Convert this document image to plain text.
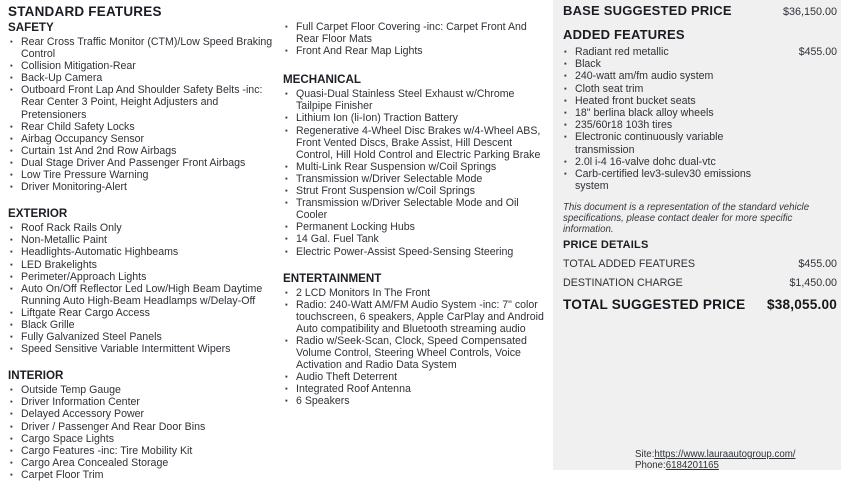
STANDARD FEATURES
SAFETY
▪ Rear Cross Traffic Monitor (CTM)/Low Speed Braking Control
▪ Collision Mitigation-Rear
▪ Back-Up Camera
▪ Outboard Front Lap And Shoulder Safety Belts -inc: Rear Center 3 Point, Height Adjusters and Pretensioners
▪ Rear Child Safety Locks
▪ Airbag Occupancy Sensor
▪ Curtain 1st And 2nd Row Airbags
▪ Dual Stage Driver And Passenger Front Airbags
▪ Low Tire Pressure Warning
▪ Driver Monitoring-Alert
EXTERIOR
▪ Roof Rack Rails Only
▪ Non-Metallic Paint
▪ Headlights-Automatic Highbeams
▪ LED Brakelights
▪ Perimeter/Approach Lights
▪ Auto On/Off Reflector Led Low/High Beam Daytime Running Auto High-Beam Headlamps w/Delay-Off
▪ Liftgate Rear Cargo Access
▪ Black Grille
▪ Fully Galvanized Steel Panels
▪ Speed Sensitive Variable Intermittent Wipers
INTERIOR
▪ Outside Temp Gauge
▪ Driver Information Center
▪ Delayed Accessory Power
▪ Driver / Passenger And Rear Door Bins
▪ Cargo Space Lights
▪ Cargo Features -inc: Tire Mobility Kit
▪ Cargo Area Concealed Storage
▪ Carpet Floor Trim
▪ Full Carpet Floor Covering -inc: Carpet Front And Rear Floor Mats
▪ Front And Rear Map Lights
MECHANICAL
▪ Quasi-Dual Stainless Steel Exhaust w/Chrome Tailpipe Finisher
▪ Lithium Ion (li-Ion) Traction Battery
▪ Regenerative 4-Wheel Disc Brakes w/4-Wheel ABS, Front Vented Discs, Brake Assist, Hill Descent Control, Hill Hold Control and Electric Parking Brake
▪ Multi-Link Rear Suspension w/Coil Springs
▪ Transmission w/Driver Selectable Mode
▪ Strut Front Suspension w/Coil Springs
▪ Transmission w/Driver Selectable Mode and Oil Cooler
▪ Permanent Locking Hubs
▪ 14 Gal. Fuel Tank
▪ Electric Power-Assist Speed-Sensing Steering
ENTERTAINMENT
▪ 2 LCD Monitors In The Front
▪ Radio: 240-Watt AM/FM Audio System -inc: 7" color touchscreen, 6 speakers, Apple CarPlay and Android Auto compatibility and Bluetooth streaming audio
▪ Radio w/Seek-Scan, Clock, Speed Compensated Volume Control, Steering Wheel Controls, Voice Activation and Radio Data System
▪ Audio Theft Deterrent
▪ Integrated Roof Antenna
▪ 6 Speakers
BASE SUGGESTED PRICE	$36,150.00
ADDED FEATURES
▪ Radiant red metallic	$455.00
▪ Black
▪ 240-watt am/fm audio system
▪ Cloth seat trim
▪ Heated front bucket seats
▪ 18" berlina black alloy wheels
▪ 235/60r18 103h tires
▪ Electronic continuously variable transmission
▪ 2.0l i-4 16-valve dohc dual-vtc
▪ Carb-certified lev3-sulev30 emissions system
This document is a representation of the standard vehicle specifications, please contact dealer for more specific information.
PRICE DETAILS
TOTAL ADDED FEATURES	$455.00
DESTINATION CHARGE	$1,450.00
TOTAL SUGGESTED PRICE $38,055.00
Site:https://www.lauraautogroup.com/
Phone:6184201165
